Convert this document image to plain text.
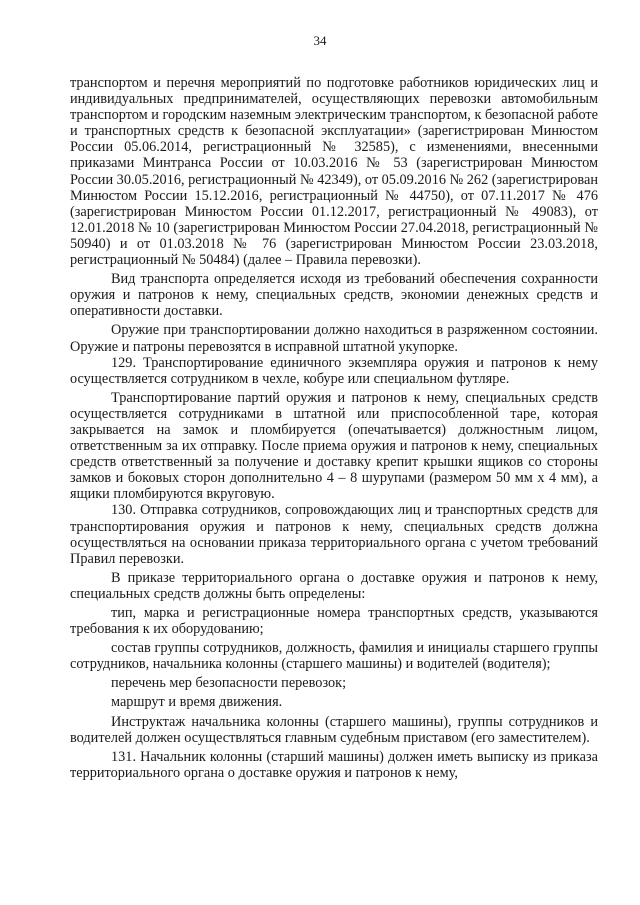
34

транспортом и перечня мероприятий по подготовке работников юридических лиц и индивидуальных предпринимателей, осуществляющих перевозки автомобильным транспортом и городским наземным электрическим транспортом, к безопасной работе и транспортных средств к безопасной эксплуатации» (зарегистрирован Минюстом России 05.06.2014, регистрационный № 32585), с изменениями, внесенными приказами Минтранса России от 10.03.2016 № 53 (зарегистрирован Минюстом России 30.05.2016, регистрационный № 42349), от 05.09.2016 № 262 (зарегистрирован Минюстом России 15.12.2016, регистрационный № 44750), от 07.11.2017 № 476 (зарегистрирован Минюстом России 01.12.2017, регистрационный № 49083), от 12.01.2018 № 10 (зарегистрирован Минюстом России 27.04.2018, регистрационный № 50940) и от 01.03.2018 № 76 (зарегистрирован Минюстом России 23.03.2018, регистрационный № 50484) (далее – Правила перевозки).

Вид транспорта определяется исходя из требований обеспечения сохранности оружия и патронов к нему, специальных средств, экономии денежных средств и оперативности доставки.

Оружие при транспортировании должно находиться в разряженном состоянии. Оружие и патроны перевозятся в исправной штатной укупорке.

129. Транспортирование единичного экземпляра оружия и патронов к нему осуществляется сотрудником в чехле, кобуре или специальном футляре.

Транспортирование партий оружия и патронов к нему, специальных средств осуществляется сотрудниками в штатной или приспособленной таре, которая закрывается на замок и пломбируется (опечатывается) должностным лицом, ответственным за их отправку. После приема оружия и патронов к нему, специальных средств ответственный за получение и доставку крепит крышки ящиков со стороны замков и боковых сторон дополнительно 4 – 8 шурупами (размером 50 мм х 4 мм), а ящики пломбируются вкруговую.

130. Отправка сотрудников, сопровождающих лиц и транспортных средств для транспортирования оружия и патронов к нему, специальных средств должна осуществляться на основании приказа территориального органа с учетом требований Правил перевозки.

В приказе территориального органа о доставке оружия и патронов к нему, специальных средств должны быть определены:

тип, марка и регистрационные номера транспортных средств, указываются требования к их оборудованию;

состав группы сотрудников, должность, фамилия и инициалы старшего группы сотрудников, начальника колонны (старшего машины) и водителей (водителя);

перечень мер безопасности перевозок;

маршрут и время движения.

Инструктаж начальника колонны (старшего машины), группы сотрудников и водителей должен осуществляться главным судебным приставом (его заместителем).

131. Начальник колонны (старший машины) должен иметь выписку из приказа территориального органа о доставке оружия и патронов к нему,
